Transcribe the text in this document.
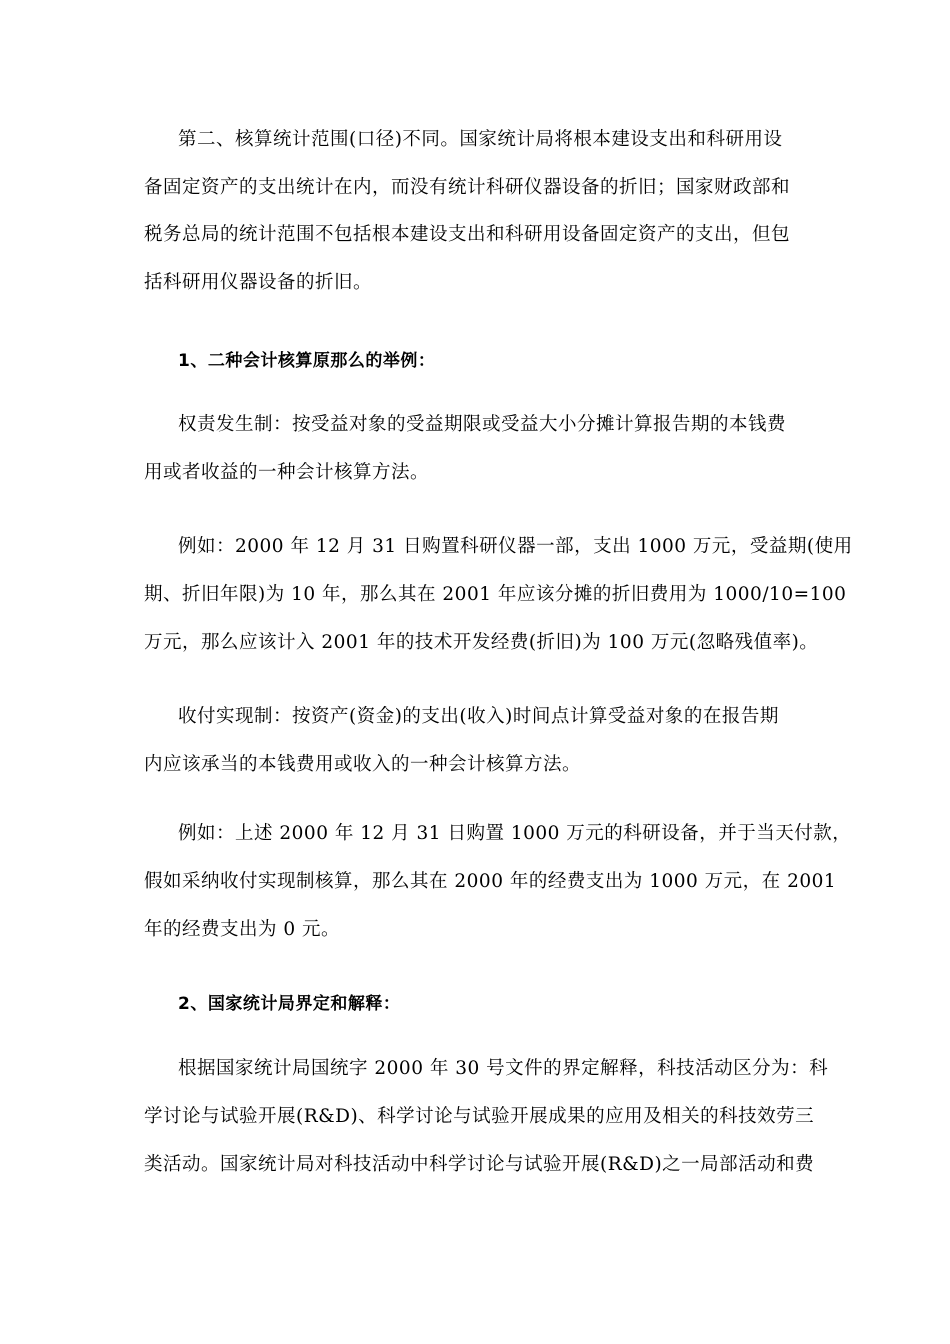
第二、核算统计范围(口径)不同。国家统计局将根本建设支出和科研用设
备固定资产的支出统计在内，而没有统计科研仪器设备的折旧；国家财政部和
税务总局的统计范围不包括根本建设支出和科研用设备固定资产的支出，但包
括科研用仪器设备的折旧。
1、二种会计核算原那么的举例：
权责发生制：按受益对象的受益期限或受益大小分摊计算报告期的本钱费
用或者收益的一种会计核算方法。
例如：2000 年 12 月 31 日购置科研仪器一部，支出 1000 万元，受益期(使用
期、折旧年限)为 10 年，那么其在 2001 年应该分摊的折旧费用为 1000/10=100
万元，那么应该计入 2001 年的技术开发经费(折旧)为 100 万元(忽略残值率)。
收付实现制：按资产(资金)的支出(收入)时间点计算受益对象的在报告期
内应该承当的本钱费用或收入的一种会计核算方法。
例如：上述 2000 年 12 月 31 日购置 1000 万元的科研设备，并于当天付款，
假如采纳收付实现制核算，那么其在 2000 年的经费支出为 1000 万元，在 2001
年的经费支出为 0 元。
2、国家统计局界定和解释：
根据国家统计局国统字 2000 年 30 号文件的界定解释，科技活动区分为：科
学讨论与试验开展(R&D)、科学讨论与试验开展成果的应用及相关的科技效劳三
类活动。国家统计局对科技活动中科学讨论与试验开展(R&D)之一局部活动和费
